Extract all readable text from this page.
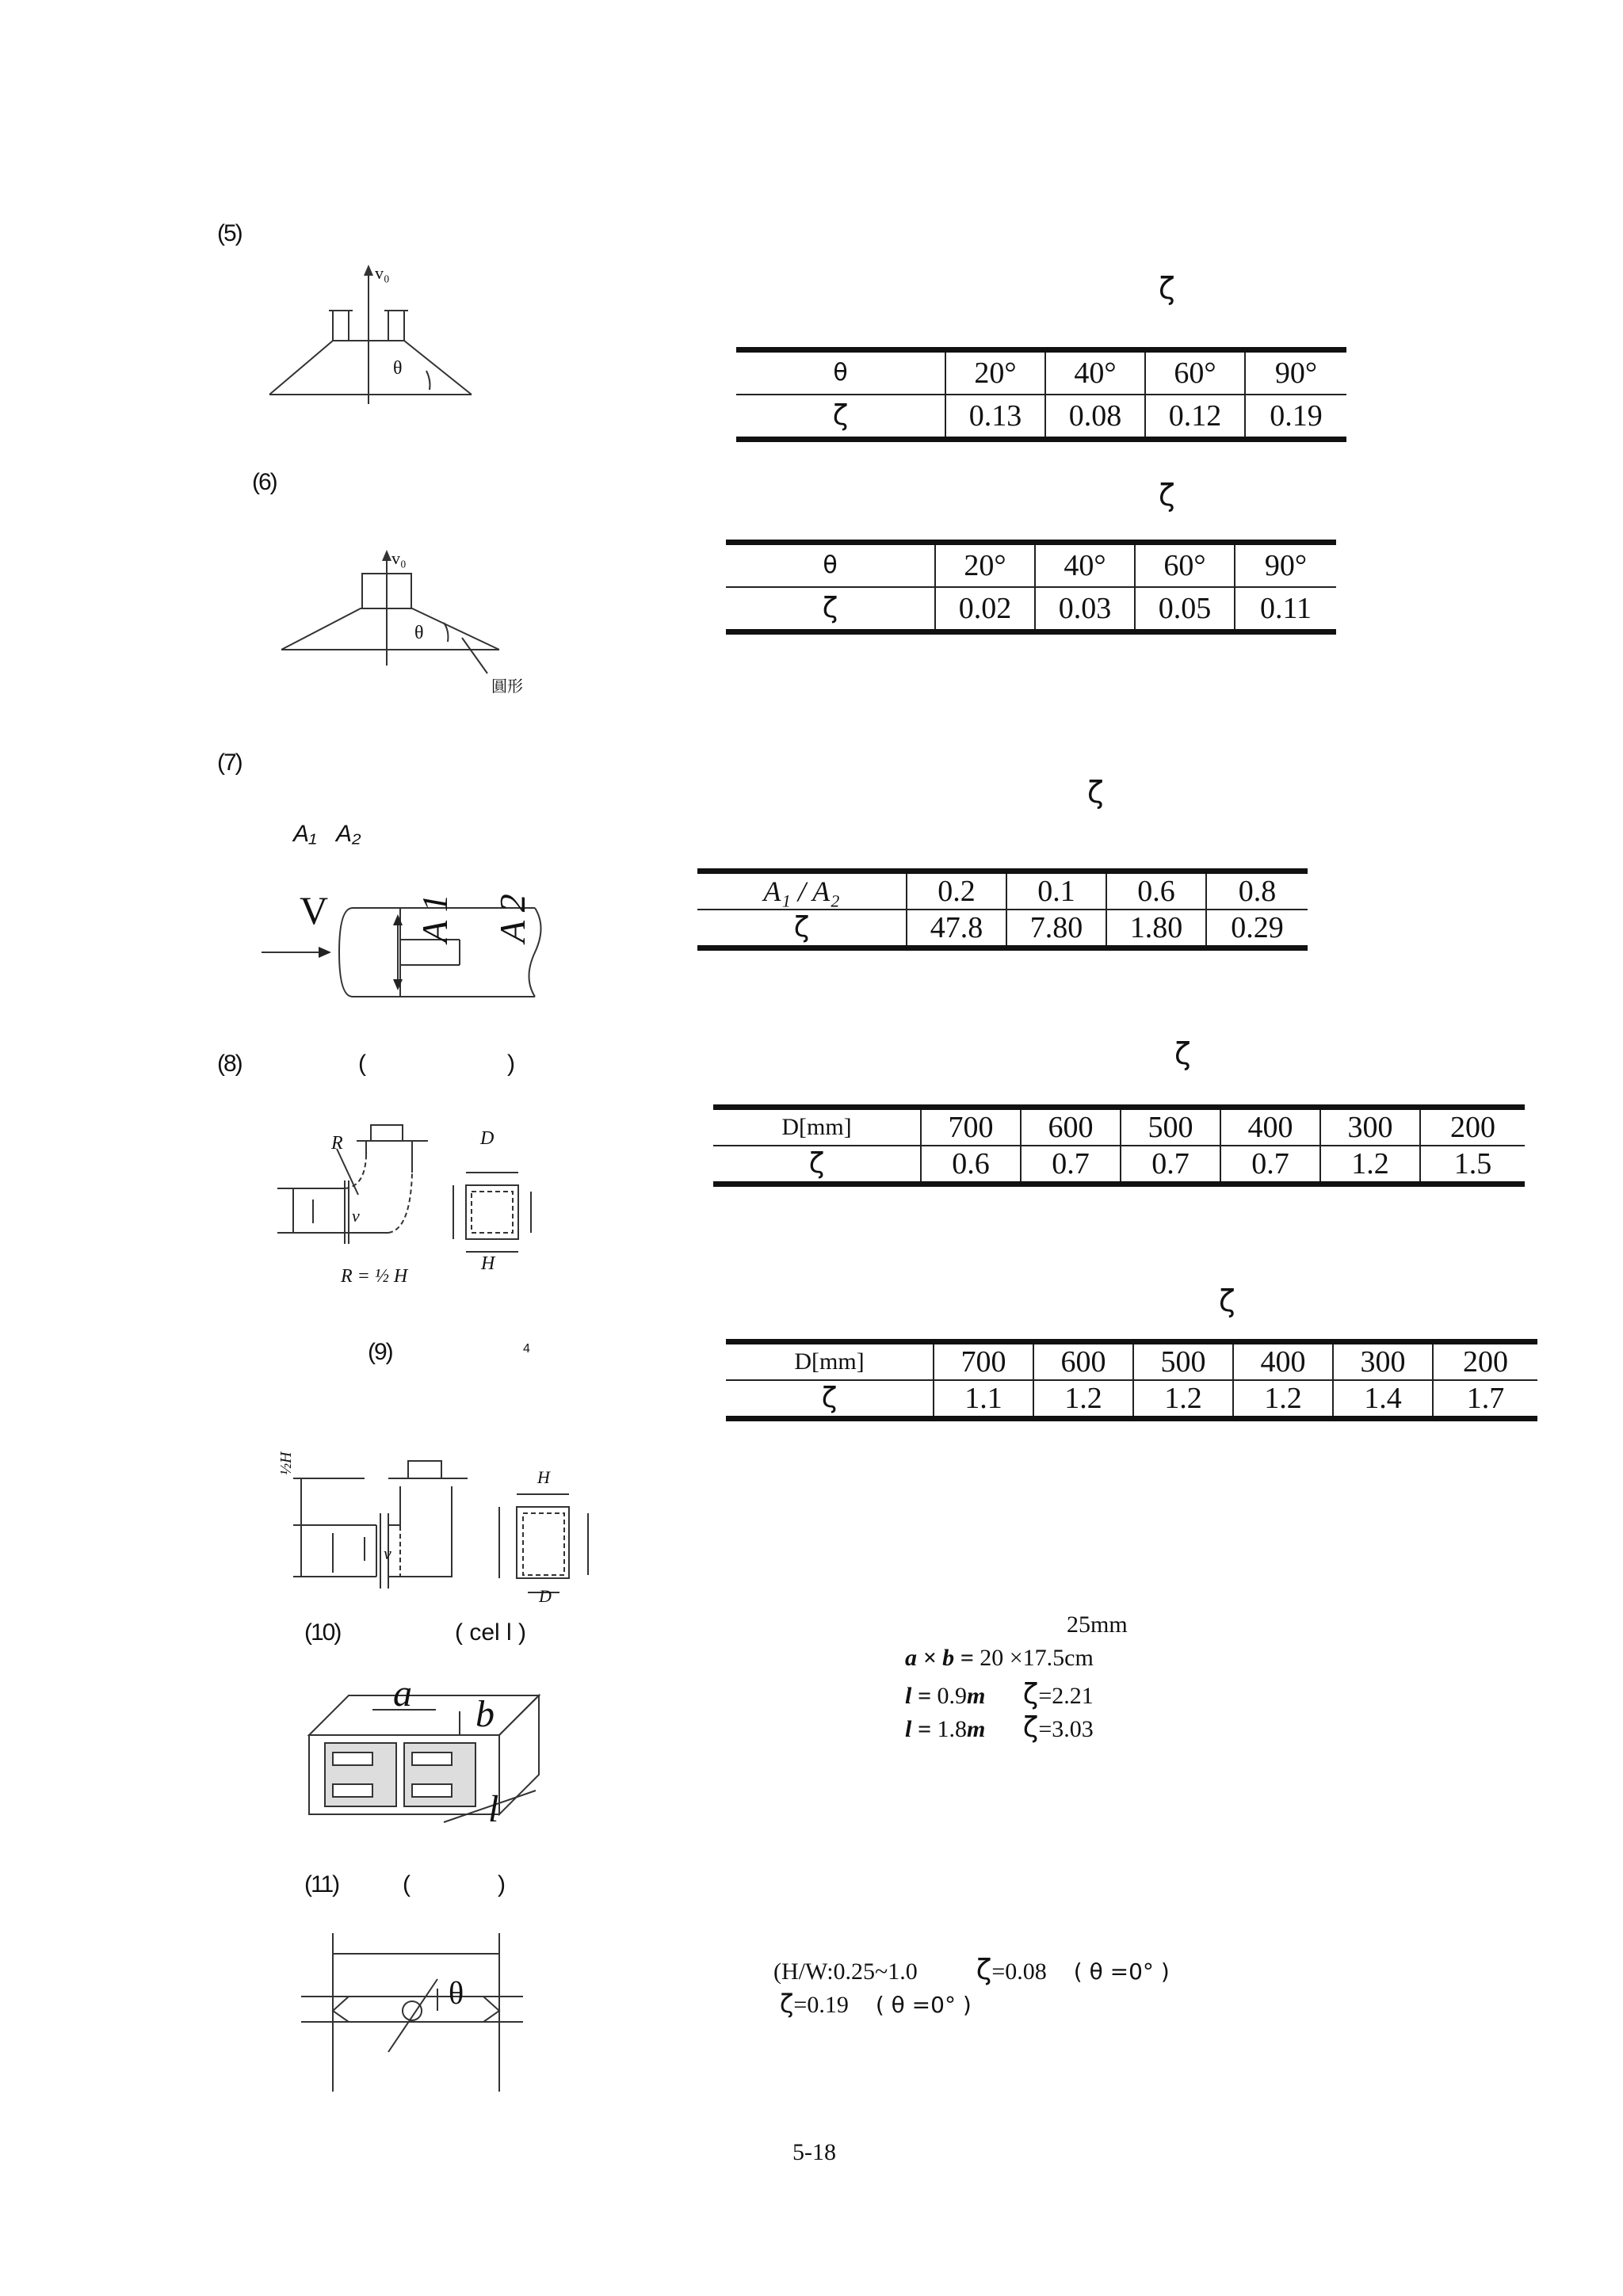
(5)
v₀
θ
ζ
θ	20°	40°	60°	90°
ζ	0.13	0.08	0.12	0.19
(6)
v₀
θ
圓形
ζ
θ	20°	40°	60°	90°
ζ	0.02	0.03	0.05	0.11
(7)
A₁ A₂
V A 1 A 2
ζ
A₁ / A₂	0.2	0.1	0.6	0.8
ζ	47.8	7.80	1.80	0.29
(8)	(	)
R	D
H
v
R = ½ H
ζ
D[mm]	700	600	500	400	300	200
ζ	0.6	0.7	0.7	0.7	1.2	1.5
(9)	4
ζ
D[mm]	700	600	500	400	300	200
ζ	1.1	1.2	1.2	1.2	1.4	1.7
½H
H
D
v
(10)	( cel l )
a b
l
25mm
a × b = 20 ×17.5cm
l = 0.9m ζ=2.21
l = 1.8m ζ=3.03
(11)	(	)
θ
(H/W:0.25~1.0 ζ=0.08 ( θ =0° )
ζ=0.19 ( θ =0° )
5-18
